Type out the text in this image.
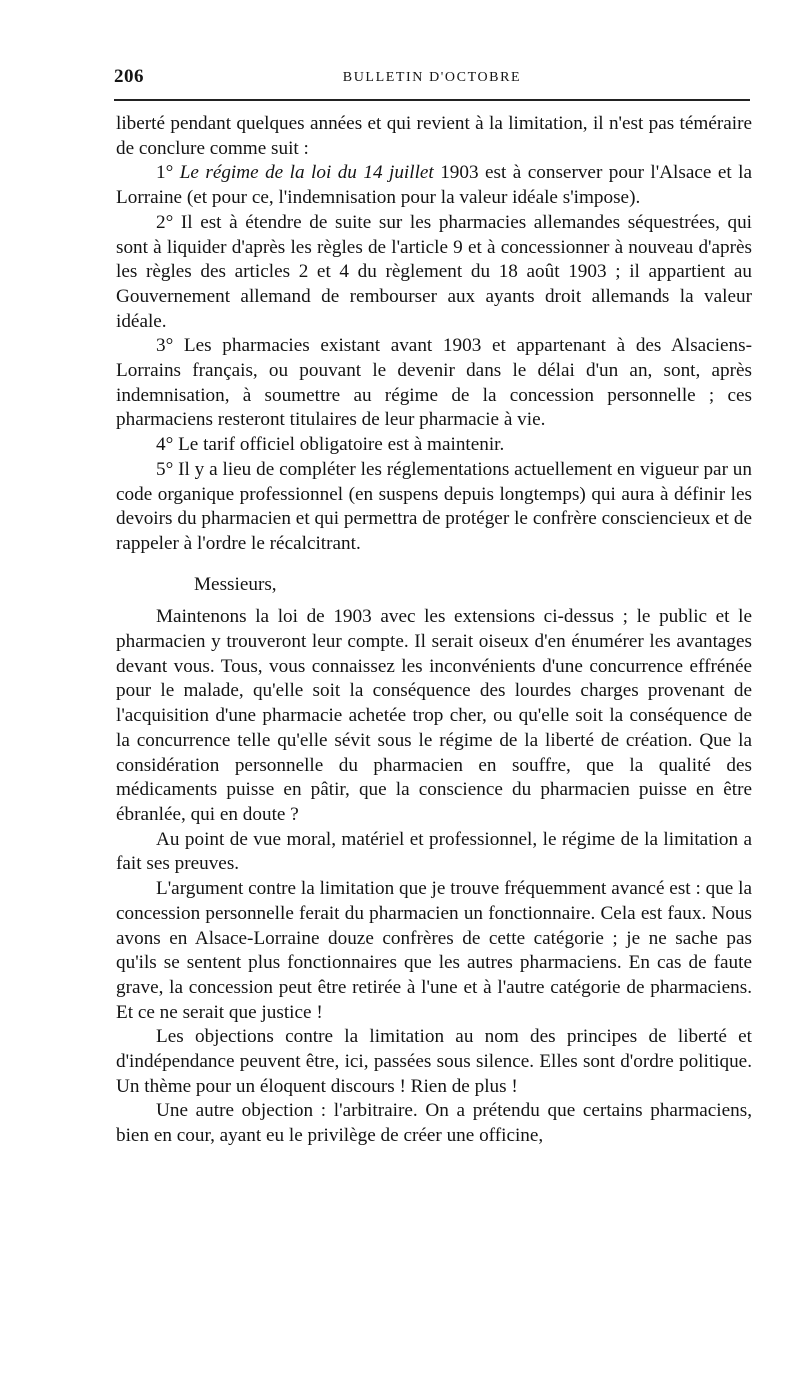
206	BULLETIN D'OCTOBRE

liberté pendant quelques années et qui revient à la limitation, il n'est pas téméraire de conclure comme suit :

1° Le régime de la loi du 14 juillet 1903 est à conserver pour l'Alsace et la Lorraine (et pour ce, l'indemnisation pour la valeur idéale s'impose).

2° Il est à étendre de suite sur les pharmacies allemandes séquestrées, qui sont à liquider d'après les règles de l'article 9 et à concessionner à nouveau d'après les règles des articles 2 et 4 du règlement du 18 août 1903 ; il appartient au Gouvernement allemand de rembourser aux ayants droit allemands la valeur idéale.

3° Les pharmacies existant avant 1903 et appartenant à des Alsaciens-Lorrains français, ou pouvant le devenir dans le délai d'un an, sont, après indemnisation, à soumettre au régime de la concession personnelle ; ces pharmaciens resteront titulaires de leur pharmacie à vie.

4° Le tarif officiel obligatoire est à maintenir.

5° Il y a lieu de compléter les réglementations actuellement en vigueur par un code organique professionnel (en suspens depuis longtemps) qui aura à définir les devoirs du pharmacien et qui permettra de protéger le confrère consciencieux et de rappeler à l'ordre le récalcitrant.

Messieurs,

Maintenons la loi de 1903 avec les extensions ci-dessus ; le public et le pharmacien y trouveront leur compte. Il serait oiseux d'en énumérer les avantages devant vous. Tous, vous connaissez les inconvénients d'une concurrence effrénée pour le malade, qu'elle soit la conséquence des lourdes charges provenant de l'acquisition d'une pharmacie achetée trop cher, ou qu'elle soit la conséquence de la concurrence telle qu'elle sévit sous le régime de la liberté de création. Que la considération personnelle du pharmacien en souffre, que la qualité des médicaments puisse en pâtir, que la conscience du pharmacien puisse en être ébranlée, qui en doute ?

Au point de vue moral, matériel et professionnel, le régime de la limitation a fait ses preuves.

L'argument contre la limitation que je trouve fréquemment avancé est : que la concession personnelle ferait du pharmacien un fonctionnaire. Cela est faux. Nous avons en Alsace-Lorraine douze confrères de cette catégorie ; je ne sache pas qu'ils se sentent plus fonctionnaires que les autres pharmaciens. En cas de faute grave, la concession peut être retirée à l'une et à l'autre catégorie de pharmaciens. Et ce ne serait que justice !

Les objections contre la limitation au nom des principes de liberté et d'indépendance peuvent être, ici, passées sous silence. Elles sont d'ordre politique. Un thème pour un éloquent discours ! Rien de plus !

Une autre objection : l'arbitraire. On a prétendu que certains pharmaciens, bien en cour, ayant eu le privilège de créer une officine,
